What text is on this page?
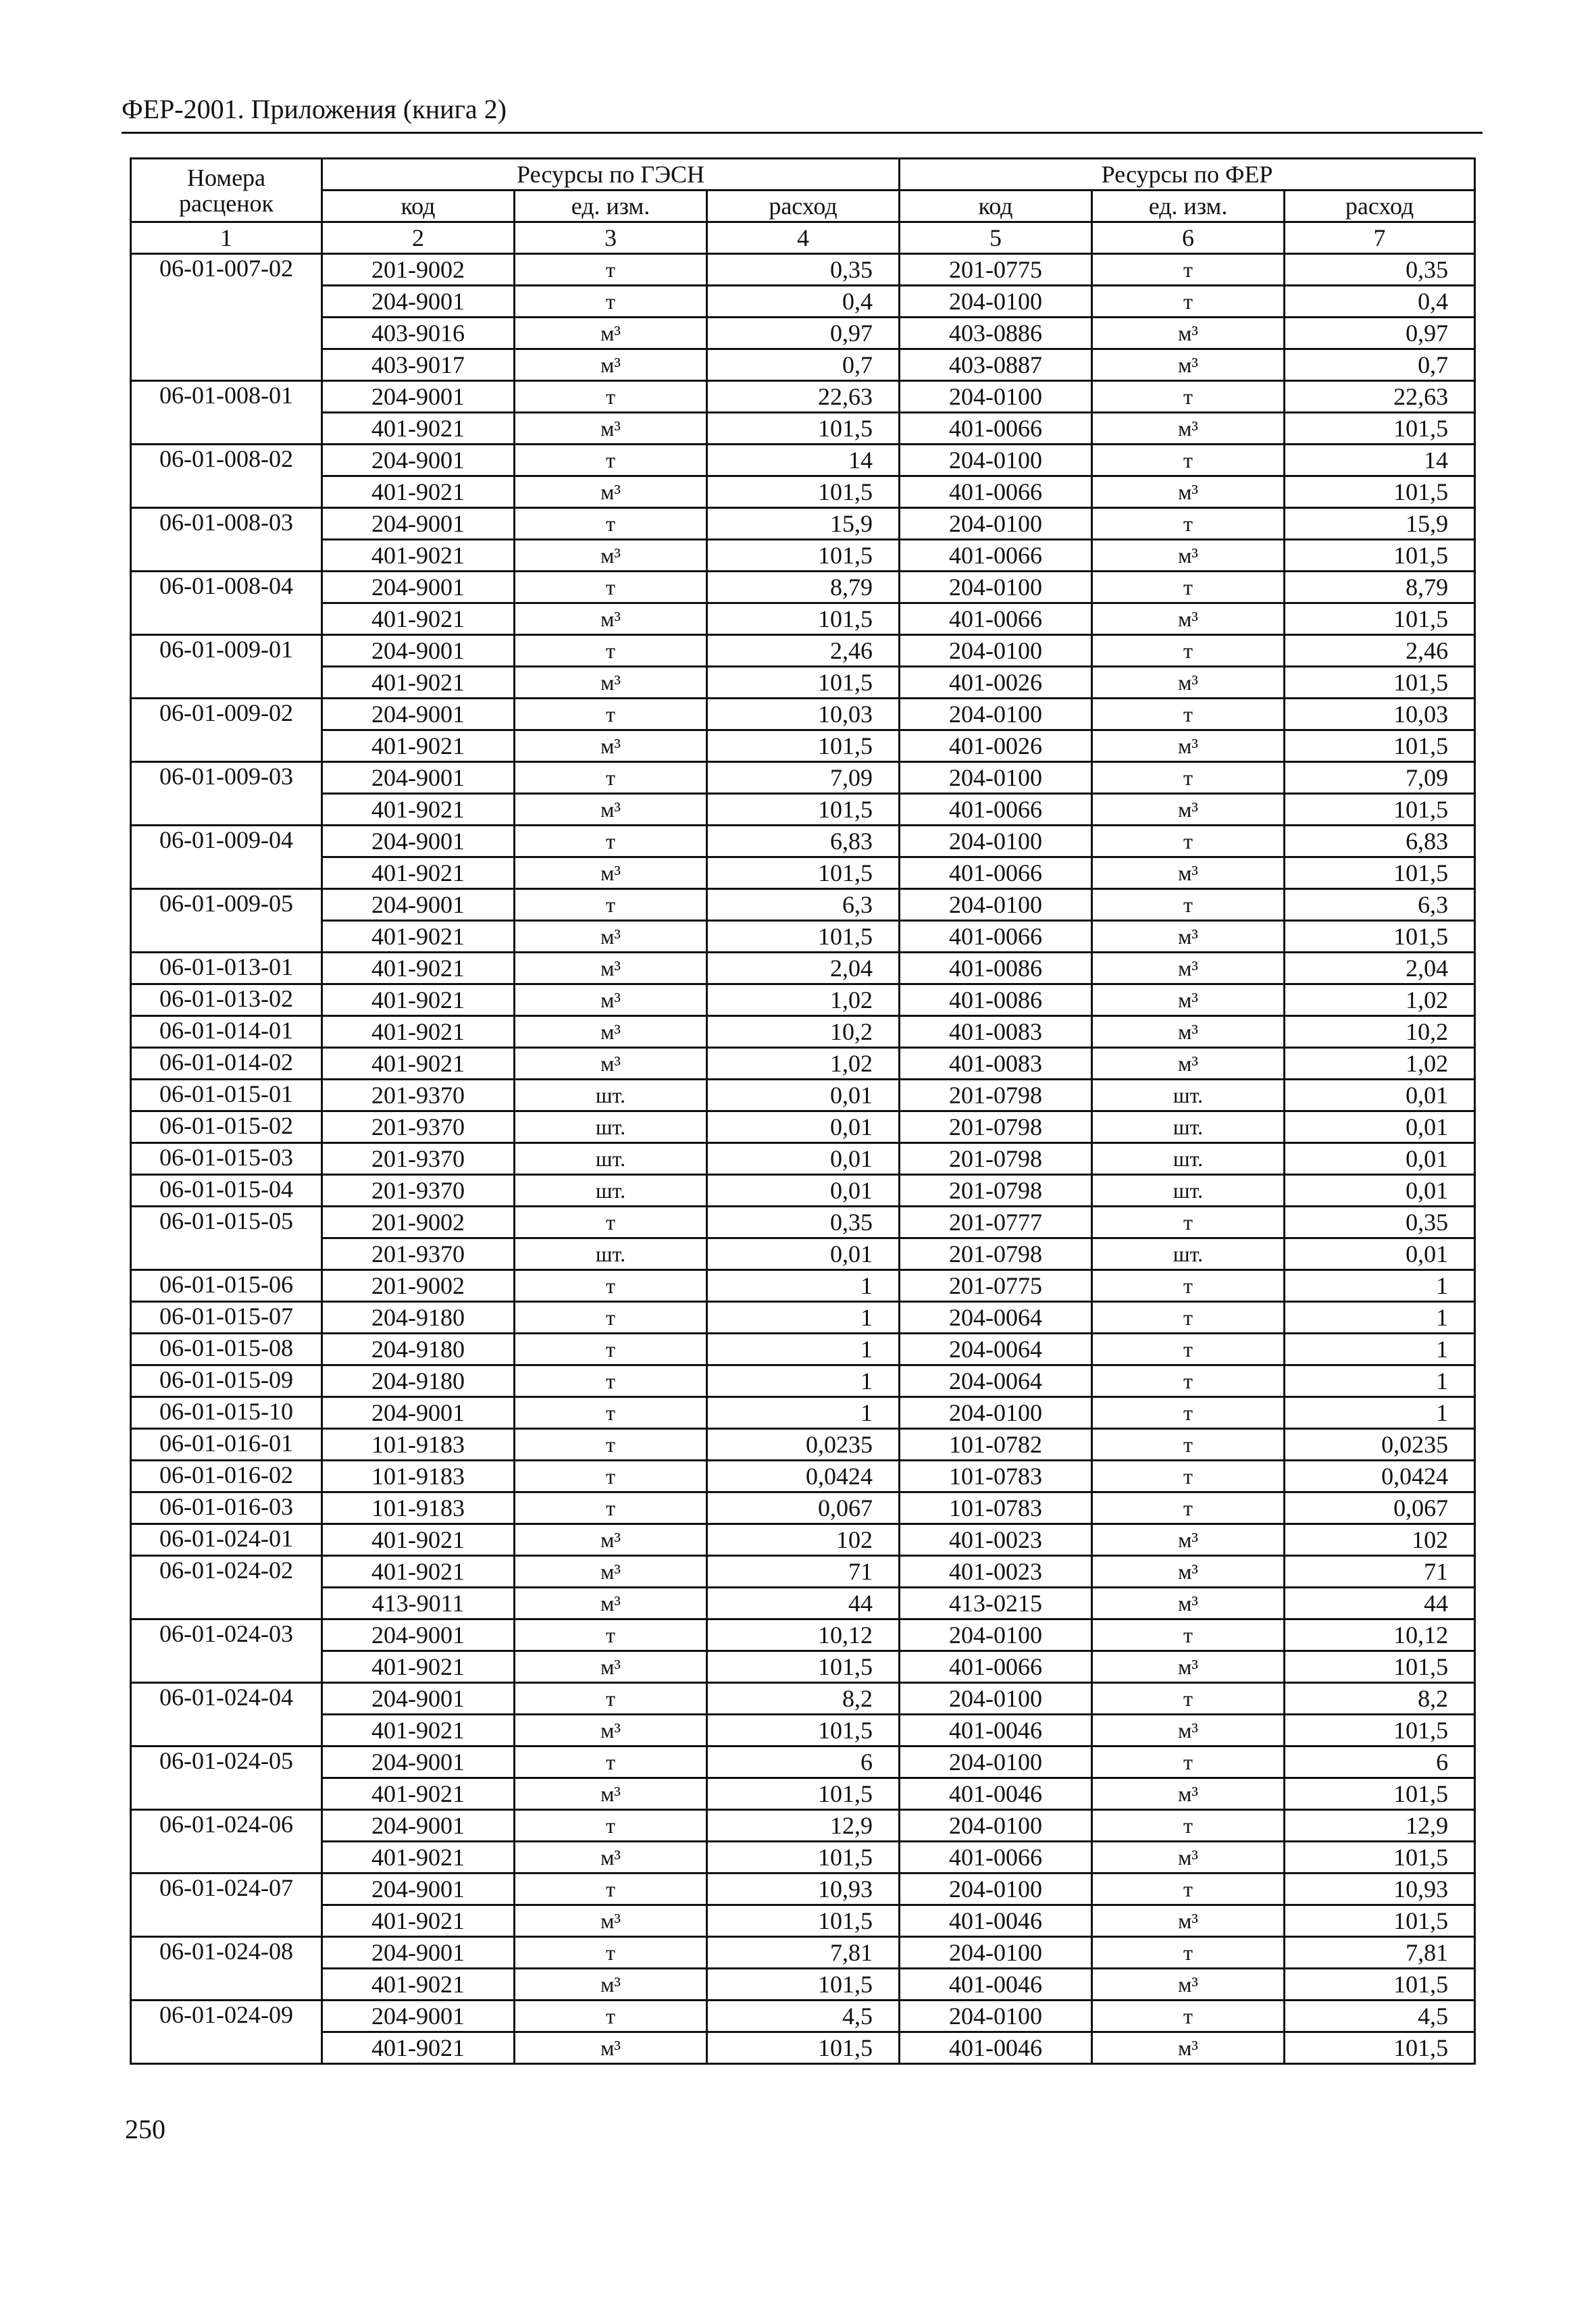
ФЕР-2001. Приложения (книга 2)
Номера расценок	Ресурсы по ГЭСН			Ресурсы по ФЕР		
	код	ед. изм.	расход	код	ед. изм.	расход
1	2	3	4	5	6	7
06-01-007-02	201-9002	т	0,35	201-0775	т	0,35
	204-9001	т	0,4	204-0100	т	0,4
	403-9016	м³	0,97	403-0886	м³	0,97
	403-9017	м³	0,7	403-0887	м³	0,7
06-01-008-01	204-9001	т	22,63	204-0100	т	22,63
	401-9021	м³	101,5	401-0066	м³	101,5
06-01-008-02	204-9001	т	14	204-0100	т	14
	401-9021	м³	101,5	401-0066	м³	101,5
06-01-008-03	204-9001	т	15,9	204-0100	т	15,9
	401-9021	м³	101,5	401-0066	м³	101,5
06-01-008-04	204-9001	т	8,79	204-0100	т	8,79
	401-9021	м³	101,5	401-0066	м³	101,5
06-01-009-01	204-9001	т	2,46	204-0100	т	2,46
	401-9021	м³	101,5	401-0026	м³	101,5
06-01-009-02	204-9001	т	10,03	204-0100	т	10,03
	401-9021	м³	101,5	401-0026	м³	101,5
06-01-009-03	204-9001	т	7,09	204-0100	т	7,09
	401-9021	м³	101,5	401-0066	м³	101,5
06-01-009-04	204-9001	т	6,83	204-0100	т	6,83
	401-9021	м³	101,5	401-0066	м³	101,5
06-01-009-05	204-9001	т	6,3	204-0100	т	6,3
	401-9021	м³	101,5	401-0066	м³	101,5
06-01-013-01	401-9021	м³	2,04	401-0086	м³	2,04
06-01-013-02	401-9021	м³	1,02	401-0086	м³	1,02
06-01-014-01	401-9021	м³	10,2	401-0083	м³	10,2
06-01-014-02	401-9021	м³	1,02	401-0083	м³	1,02
06-01-015-01	201-9370	шт.	0,01	201-0798	шт.	0,01
06-01-015-02	201-9370	шт.	0,01	201-0798	шт.	0,01
06-01-015-03	201-9370	шт.	0,01	201-0798	шт.	0,01
06-01-015-04	201-9370	шт.	0,01	201-0798	шт.	0,01
06-01-015-05	201-9002	т	0,35	201-0777	т	0,35
	201-9370	шт.	0,01	201-0798	шт.	0,01
06-01-015-06	201-9002	т	1	201-0775	т	1
06-01-015-07	204-9180	т	1	204-0064	т	1
06-01-015-08	204-9180	т	1	204-0064	т	1
06-01-015-09	204-9180	т	1	204-0064	т	1
06-01-015-10	204-9001	т	1	204-0100	т	1
06-01-016-01	101-9183	т	0,0235	101-0782	т	0,0235
06-01-016-02	101-9183	т	0,0424	101-0783	т	0,0424
06-01-016-03	101-9183	т	0,067	101-0783	т	0,067
06-01-024-01	401-9021	м³	102	401-0023	м³	102
06-01-024-02	401-9021	м³	71	401-0023	м³	71
	413-9011	м³	44	413-0215	м³	44
06-01-024-03	204-9001	т	10,12	204-0100	т	10,12
	401-9021	м³	101,5	401-0066	м³	101,5
06-01-024-04	204-9001	т	8,2	204-0100	т	8,2
	401-9021	м³	101,5	401-0046	м³	101,5
06-01-024-05	204-9001	т	6	204-0100	т	6
	401-9021	м³	101,5	401-0046	м³	101,5
06-01-024-06	204-9001	т	12,9	204-0100	т	12,9
	401-9021	м³	101,5	401-0066	м³	101,5
06-01-024-07	204-9001	т	10,93	204-0100	т	10,93
	401-9021	м³	101,5	401-0046	м³	101,5
06-01-024-08	204-9001	т	7,81	204-0100	т	7,81
	401-9021	м³	101,5	401-0046	м³	101,5
06-01-024-09	204-9001	т	4,5	204-0100	т	4,5
	401-9021	м³	101,5	401-0046	м³	101,5
250
